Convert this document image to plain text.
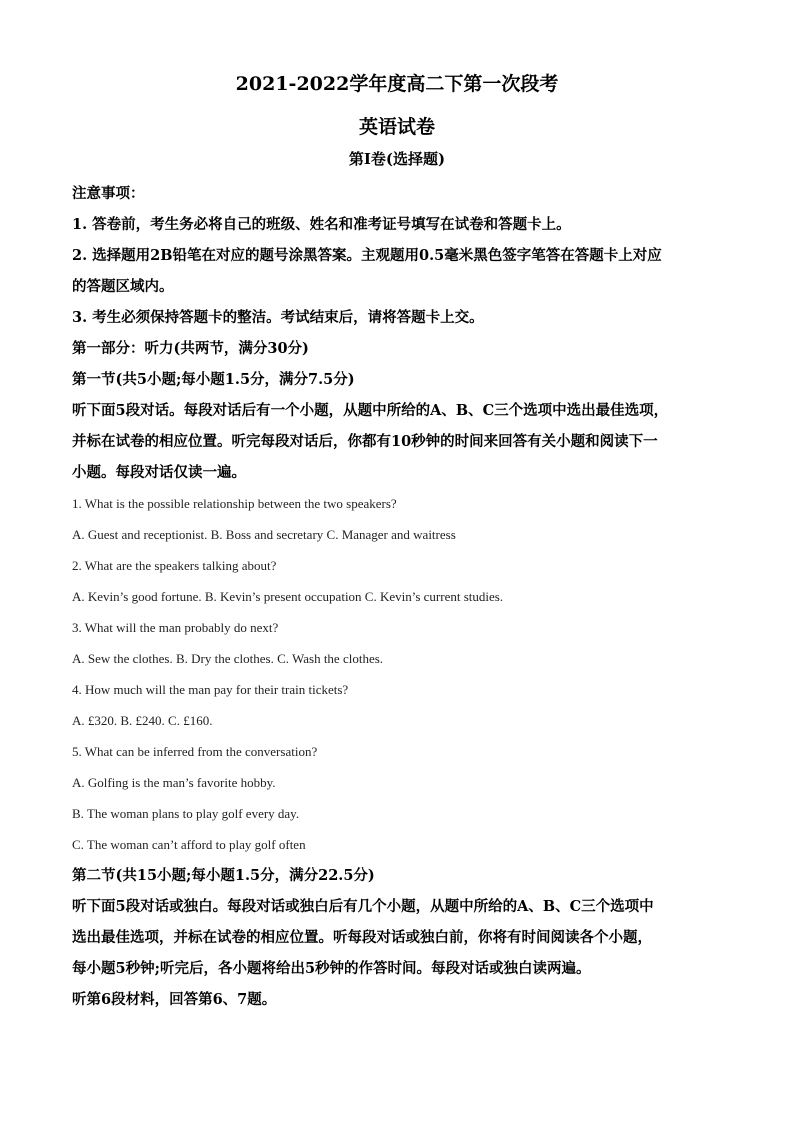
2021-2022学年度高二下第一次段考
英语试卷
第Ⅰ卷(选择题)

注意事项：

1. 答卷前，考生务必将自己的班级、姓名和准考证号填写在试卷和答题卡上。

2. 选择题用2B铅笔在对应的题号涂黑答案。主观题用0.5毫米黑色签字笔答在答题卡上对应

的答题区域内。

3. 考生必须保持答题卡的整洁。考试结束后，请将答题卡上交。

第一部分：听力(共两节，满分30分)

第一节(共5小题;每小题1.5分，满分7.5分)

听下面5段对话。每段对话后有一个小题，从题中所给的A、B、C三个选项中选出最佳选项，

并标在试卷的相应位置。听完每段对话后，你都有10秒钟的时间来回答有关小题和阅读下一

小题。每段对话仅读一遍。

1. What is the possible relationship between the two speakers?

A. Guest and receptionist. B. Boss and secretary C. Manager and waitress

2. What are the speakers talking about?

A. Kevin’s good fortune. B. Kevin’s present occupation C. Kevin’s current studies.

3. What will the man probably do next?

A. Sew the clothes. B. Dry the clothes. C. Wash the clothes.

4. How much will the man pay for their train tickets?

A. £320. B. £240. C. £160.

5. What can be inferred from the conversation?

A. Golfing is the man’s favorite hobby.

B. The woman plans to play golf every day.

C. The woman can’t afford to play golf often

第二节(共15小题;每小题1.5分，满分22.5分)

听下面5段对话或独白。每段对话或独白后有几个小题，从题中所给的A、B、C三个选项中

选出最佳选项，并标在试卷的相应位置。听每段对话或独白前，你将有时间阅读各个小题，

每小题5秒钟;听完后，各小题将给出5秒钟的作答时间。每段对话或独白读两遍。

听第6段材料，回答第6、7题。
